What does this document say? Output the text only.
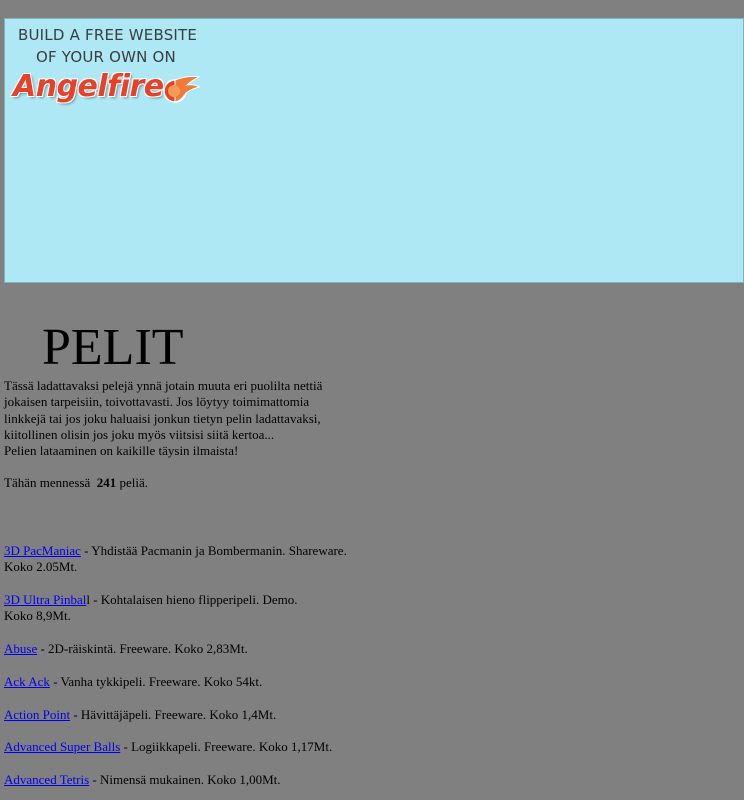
BUILD A FREE WEBSITE
OF YOUR OWN ON
Angelfire
PELIT
Tässä ladattavaksi pelejä ynnä jotain muuta eri puolilta nettiä
jokaisen tarpeisiin, toivottavasti. Jos löytyy toimimattomia
linkkejä tai jos joku haluaisi jonkun tietyn pelin ladattavaksi,
kiitollinen olisin jos joku myös viitsisi siitä kertoa...
Pelien lataaminen on kaikille täysin ilmaista!
Tähän mennessä 241 peliä.
3D PacManiac - Yhdistää Pacmanin ja Bombermanin. Shareware.
Koko 2.05Mt.
3D Ultra Pinball - Kohtalaisen hieno flipperipeli. Demo.
Koko 8,9Mt.
Abuse - 2D-räiskintä. Freeware. Koko 2,83Mt.
Ack Ack - Vanha tykkipeli. Freeware. Koko 54kt.
Action Point - Hävittäjäpeli. Freeware. Koko 1,4Mt.
Advanced Super Balls - Logiikkapeli. Freeware. Koko 1,17Mt.
Advanced Tetris - Nimensä mukainen. Koko 1,00Mt.
